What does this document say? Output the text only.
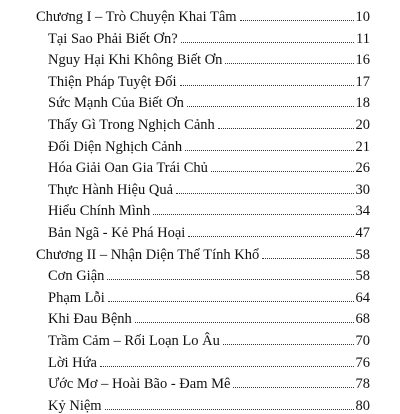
Chương I – Trò Chuyện Khai Tâm	10
Tại Sao Phải Biết Ơn?	11
Nguy Hại Khi Không Biết Ơn	16
Thiện Pháp Tuyệt Đối	17
Sức Mạnh Của Biết Ơn	18
Thấy Gì Trong Nghịch Cảnh	20
Đối Diện Nghịch Cảnh	21
Hóa Giải Oan Gia Trái Chủ	26
Thực Hành Hiệu Quả	30
Hiểu Chính Mình	34
Bản Ngã - Kẻ Phá Hoại	47
Chương II – Nhận Diện Thể Tính Khổ	58
Cơn Giận	58
Phạm Lỗi	64
Khi Đau Bệnh	68
Trầm Cảm – Rối Loạn Lo Âu	70
Lời Hứa	76
Ước Mơ – Hoài Bão - Đam Mê	78
Kỷ Niệm	80
